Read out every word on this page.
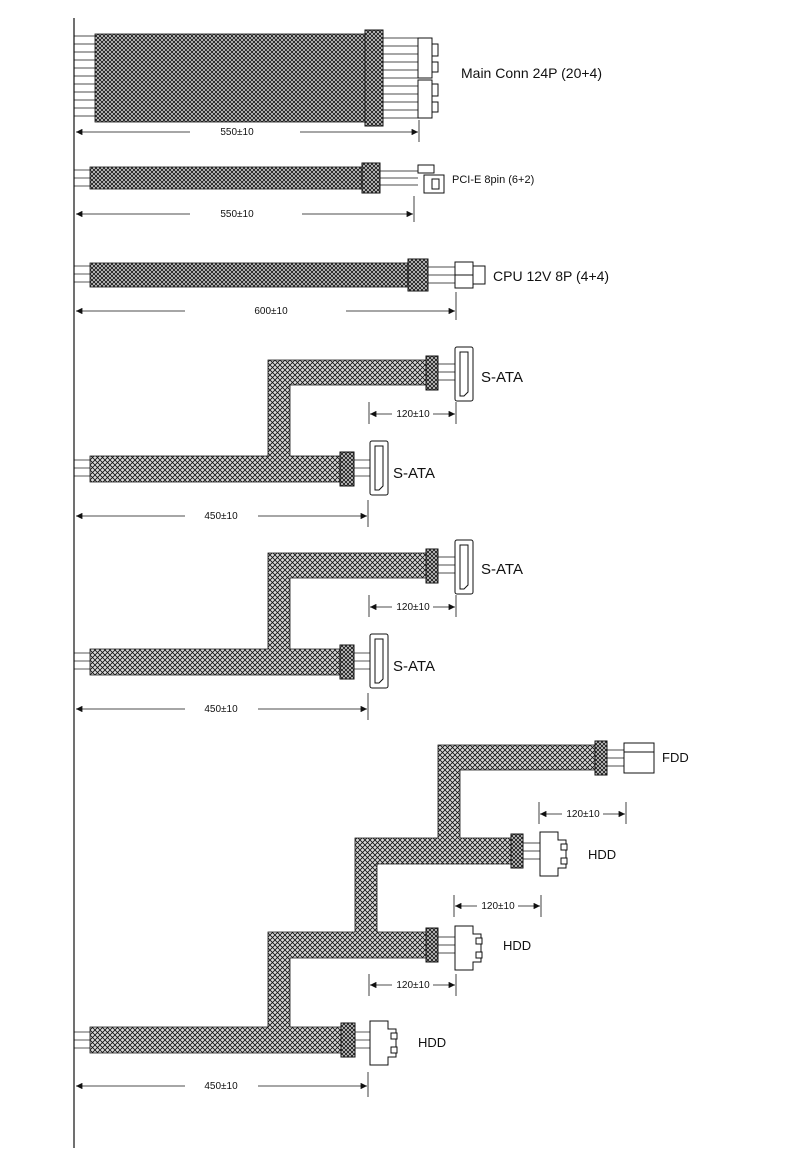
Main Conn 24P (20+4)
550±10
PCI-E 8pin (6+2)
550±10
CPU 12V 8P (4+4)
600±10
S-ATA
S-ATA
120±10
450±10
S-ATA
S-ATA
120±10
450±10
FDD
HDD
HDD
HDD
120±10
120±10
120±10
450±10
